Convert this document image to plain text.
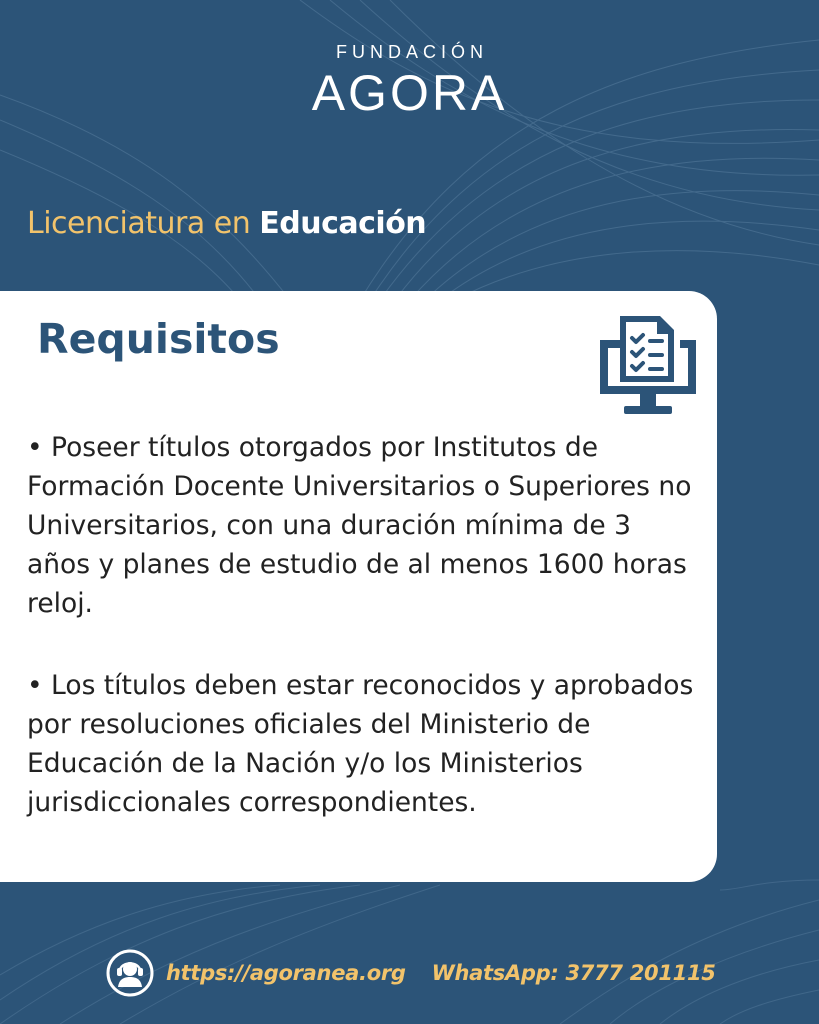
FUNDACIÓN
AGORA
Licenciatura en Educación
Requisitos

• Poseer títulos otorgados por Institutos de Formación Docente Universitarios o Superiores no Universitarios, con una duración mínima de 3 años y planes de estudio de al menos 1600 horas reloj.

• Los títulos deben estar reconocidos y aprobados por resoluciones oficiales del Ministerio de Educación de la Nación y/o los Ministerios jurisdiccionales correspondientes.

https://agoranea.org WhatsApp: 3777 201115
